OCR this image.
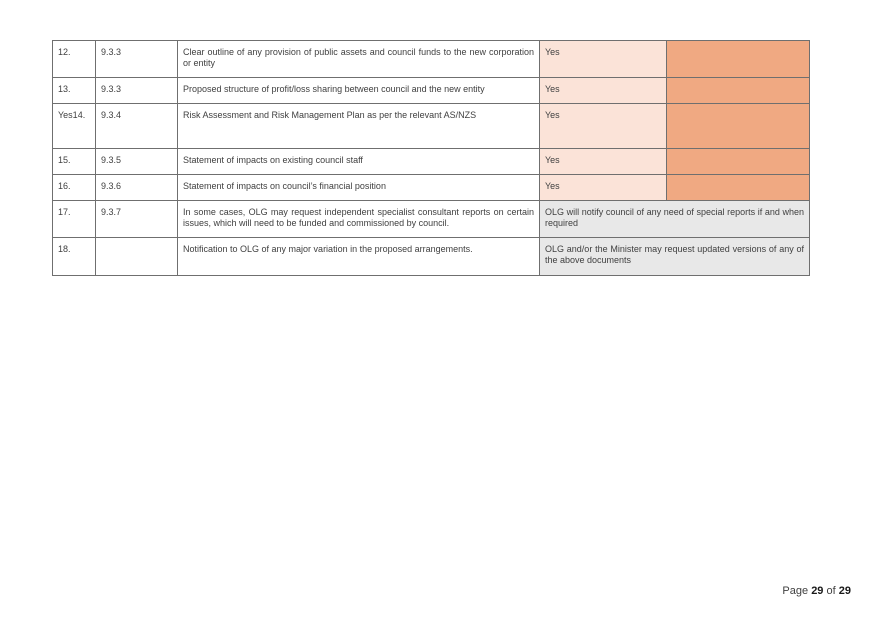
12.	9.3.3	Clear outline of any provision of public assets and council funds to the new corporation or entity	Yes	
13.	9.3.3	Proposed structure of profit/loss sharing between council and the new entity	Yes	
Yes14.	9.3.4	Risk Assessment and Risk Management Plan as per the relevant AS/NZS	Yes	
15.	9.3.5	Statement of impacts on existing council staff	Yes	
16.	9.3.6	Statement of impacts on council’s financial position	Yes	
17.	9.3.7	In some cases, OLG may request independent specialist consultant reports on certain issues, which will need to be funded and commissioned by council.	OLG will notify council of any need of special reports if and when required	
18.		Notification to OLG of any major variation in the proposed arrangements.	OLG and/or the Minister may request updated versions of any of the above documents	
Page 29 of 29
